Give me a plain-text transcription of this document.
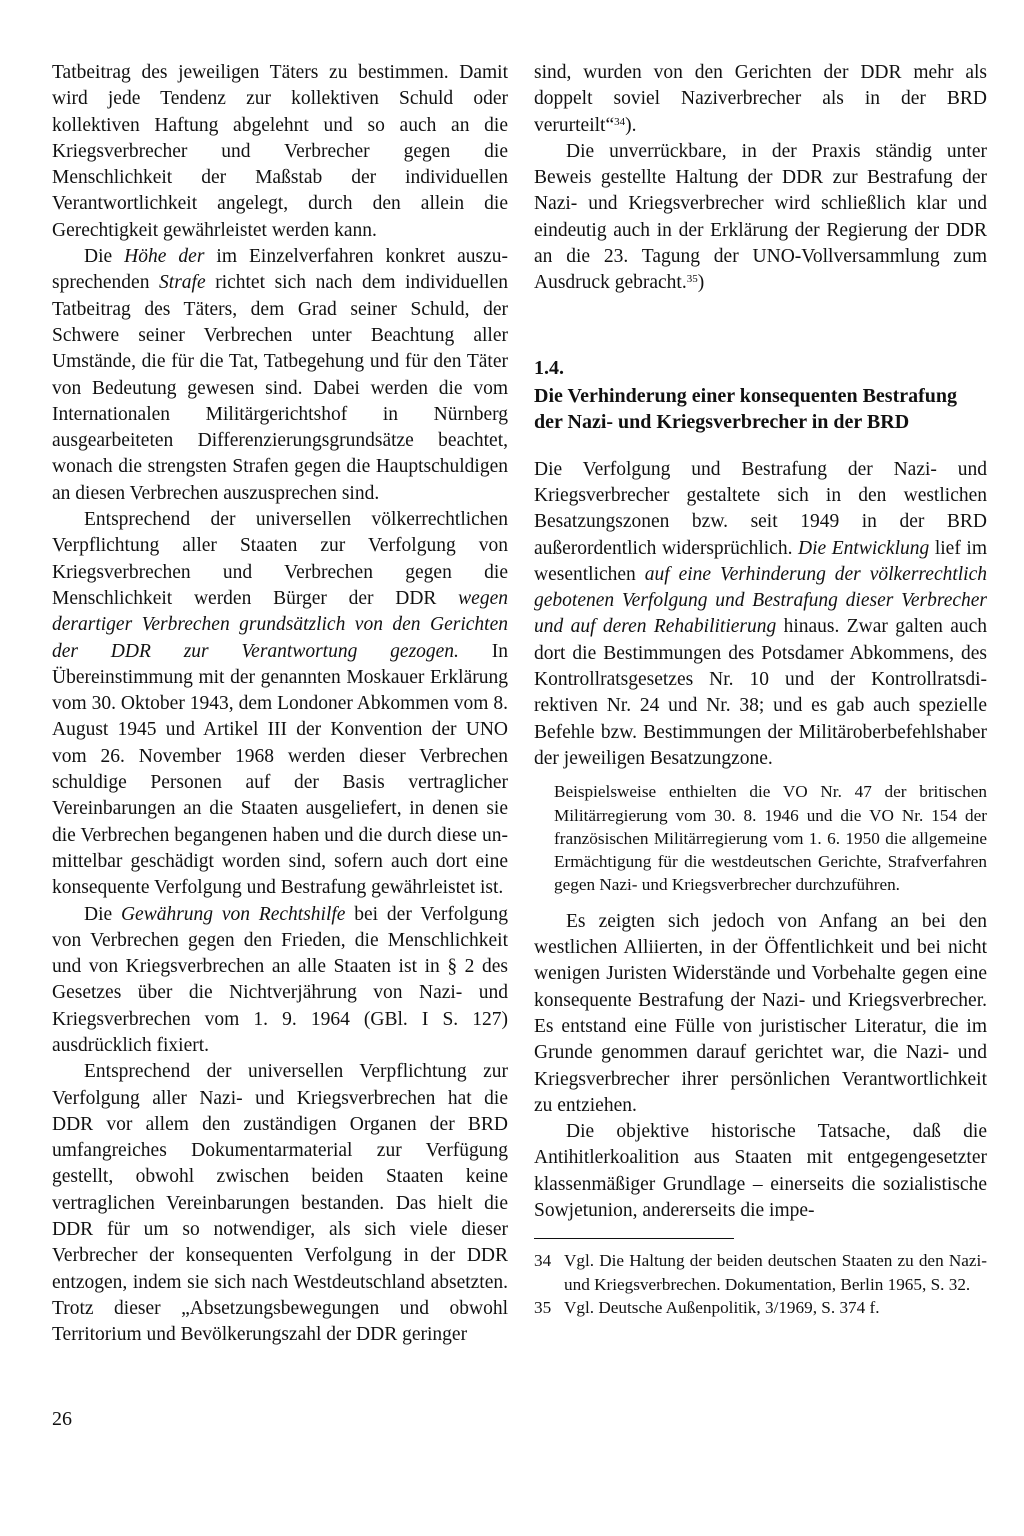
Tatbeitrag des jeweiligen Täters zu bestimmen. Damit wird jede Tendenz zur kollektiven Schuld oder kollektiven Haftung abgelehnt und so auch an die Kriegsverbrecher und Verbrecher gegen die Menschlichkeit der Maßstab der individuellen Verantwortlichkeit angelegt, durch den allein die Gerechtigkeit gewährleistet werden kann.

Die Höhe der im Einzelverfahren konkret auszusprechenden Strafe richtet sich nach dem individuellen Tatbeitrag des Täters, dem Grad seiner Schuld, der Schwere seiner Verbrechen unter Beachtung aller Umstände, die für die Tat, Tatbegehung und für den Täter von Bedeutung gewesen sind. Dabei werden die vom Internationalen Militärgerichtshof in Nürnberg ausgearbeiteten Differenzierungsgrundsätze beachtet, wonach die strengsten Strafen gegen die Hauptschuldigen an diesen Verbrechen auszusprechen sind.

Entsprechend der universellen völkerrechtlichen Verpflichtung aller Staaten zur Verfolgung von Kriegsverbrechen und Verbrechen gegen die Menschlichkeit werden Bürger der DDR wegen derartiger Verbrechen grundsätzlich von den Gerichten der DDR zur Verantwortung gezogen. In Übereinstimmung mit der genannten Moskauer Erklärung vom 30. Oktober 1943, dem Londoner Abkommen vom 8. August 1945 und Artikel III der Konvention der UNO vom 26. November 1968 werden dieser Verbrechen schuldige Personen auf der Basis vertraglicher Vereinbarungen an die Staaten ausgeliefert, in denen sie die Verbrechen begangenen haben und die durch diese unmittelbar geschädigt worden sind, sofern auch dort eine konsequente Verfolgung und Bestrafung gewährleistet ist.

Die Gewährung von Rechtshilfe bei der Verfolgung von Verbrechen gegen den Frieden, die Menschlichkeit und von Kriegsverbrechen an alle Staaten ist in § 2 des Gesetzes über die Nichtverjährung von Nazi- und Kriegsverbrechen vom 1. 9. 1964 (GBl. I S. 127) ausdrücklich fixiert.

Entsprechend der universellen Verpflichtung zur Verfolgung aller Nazi- und Kriegsverbrechen hat die DDR vor allem den zuständigen Organen der BRD umfangreiches Dokumentarmaterial zur Verfügung gestellt, obwohl zwischen beiden Staaten keine vertraglichen Vereinbarungen bestanden. Das hielt die DDR für um so notwendiger, als sich viele dieser Verbrecher der konsequenten Verfolgung in der DDR entzogen, indem sie sich nach Westdeutschland absetzten. Trotz dieser „Absetzungsbewegungen und obwohl Territorium und Bevölkerungszahl der DDR geringer

sind, wurden von den Gerichten der DDR mehr als doppelt soviel Naziverbrecher als in der BRD verurteilt“$^{34}$).

Die unverrückbare, in der Praxis ständig unter Beweis gestellte Haltung der DDR zur Bestrafung der Nazi- und Kriegsverbrecher wird schließlich klar und eindeutig auch in der Erklärung der Regierung der DDR an die 23. Tagung der UNO-Vollversammlung zum Ausdruck gebracht.$^{35}$)

1.4.
Die Verhinderung einer konsequenten Bestrafung der Nazi- und Kriegsverbrecher in der BRD

Die Verfolgung und Bestrafung der Nazi- und Kriegsverbrecher gestaltete sich in den westlichen Besatzungszonen bzw. seit 1949 in der BRD außerordentlich widersprüchlich. Die Entwicklung lief im wesentlichen auf eine Verhinderung der völkerrechtlich gebotenen Verfolgung und Bestrafung dieser Verbrecher und auf deren Rehabilitierung hinaus. Zwar galten auch dort die Bestimmungen des Potsdamer Abkommens, des Kontrollratsgesetzes Nr. 10 und der Kontrollratsdirektiven Nr. 24 und Nr. 38; und es gab auch spezielle Befehle bzw. Bestimmungen der Militäroberbefehlshaber der jeweiligen Besatzungzone.

Beispielsweise enthielten die VO Nr. 47 der britischen Militärregierung vom 30. 8. 1946 und die VO Nr. 154 der französischen Militärregierung vom 1. 6. 1950 die allgemeine Ermächtigung für die westdeutschen Gerichte, Strafverfahren gegen Nazi- und Kriegsverbrecher durchzuführen.

Es zeigten sich jedoch von Anfang an bei den westlichen Alliierten, in der Öffentlichkeit und bei nicht wenigen Juristen Widerstände und Vorbehalte gegen eine konsequente Bestrafung der Nazi- und Kriegsverbrecher. Es entstand eine Fülle von juristischer Literatur, die im Grunde genommen darauf gerichtet war, die Nazi- und Kriegsverbrecher ihrer persönlichen Verantwortlichkeit zu entziehen.

Die objektive historische Tatsache, daß die Antihitlerkoalition aus Staaten mit entgegengesetzter klassenmäßiger Grundlage – einerseits die sozialistische Sowjetunion, andererseits die impe-

34 Vgl. Die Haltung der beiden deutschen Staaten zu den Nazi- und Kriegsverbrechen. Dokumentation, Berlin 1965, S. 32.
35 Vgl. Deutsche Außenpolitik, 3/1969, S. 374 f.
26
